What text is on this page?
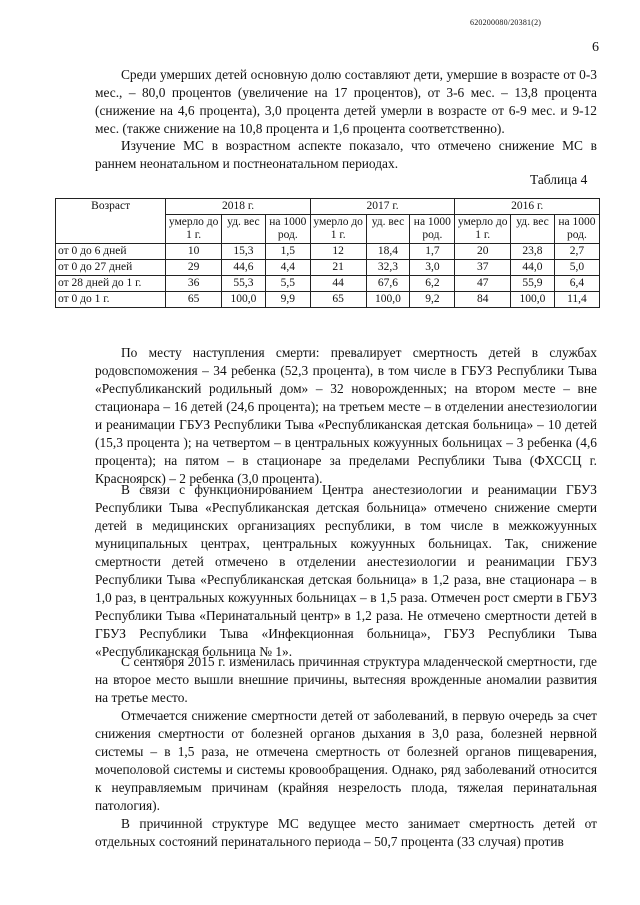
620200080/20381(2)
6

Среди умерших детей основную долю составляют дети, умершие в возрасте от 0-3 мес., – 80,0 процентов (увеличение на 17 процентов), от 3-6 мес. – 13,8 процента (снижение на 4,6 процента), 3,0 процента детей умерли в возрасте от 6-9 мес. и 9-12 мес. (также снижение на 10,8 процента и 1,6 процента соответственно).

Изучение МС в возрастном аспекте показало, что отмечено снижение МС в раннем неонатальном и постнеонатальном периодах.

Таблица 4
Возраст	2018 г.			2017 г.			2016 г.		
	умерло до 1 г.	уд. вес	на 1000 род.	умерло до 1 г.	уд. вес	на 1000 род.	умерло до 1 г.	уд. вес	на 1000 род.
от 0 до 6 дней	10	15,3	1,5	12	18,4	1,7	20	23,8	2,7
от 0 до 27 дней	29	44,6	4,4	21	32,3	3,0	37	44,0	5,0
от 28 дней до 1 г.	36	55,3	5,5	44	67,6	6,2	47	55,9	6,4
от 0 до 1 г.	65	100,0	9,9	65	100,0	9,2	84	100,0	11,4

По месту наступления смерти: превалирует смертность детей в службах родовспоможения – 34 ребенка (52,3 процента), в том числе в ГБУЗ Республики Тыва «Республиканский родильный дом» – 32 новорожденных; на втором месте – вне стационара – 16 детей (24,6 процента); на третьем месте – в отделении анестезиологии и реанимации ГБУЗ Республики Тыва «Республиканская детская больница» – 10 детей (15,3 процента ); на четвертом – в центральных кожуунных больницах – 3 ребенка (4,6 процента); на пятом – в стационаре за пределами Республики Тыва (ФХССЦ г. Красноярск) – 2 ребенка (3,0 процента).

В связи с функционированием Центра анестезиологии и реанимации ГБУЗ Республики Тыва «Республиканская детская больница» отмечено снижение смерти детей в медицинских организациях республики, в том числе в межкожуунных муниципальных центрах, центральных кожуунных больницах. Так, снижение смертности детей отмечено в отделении анестезиологии и реанимации ГБУЗ Республики Тыва «Республиканская детская больница» в 1,2 раза, вне стационара – в 1,0 раз, в центральных кожуунных больницах – в 1,5 раза. Отмечен рост смерти в ГБУЗ Республики Тыва «Перинатальный центр» в 1,2 раза. Не отмечено смертности детей в ГБУЗ Республики Тыва «Инфекционная больница», ГБУЗ Республики Тыва «Республиканская больница № 1».

С сентября 2015 г. изменилась причинная структура младенческой смертности, где на второе место вышли внешние причины, вытесняя врожденные аномалии развития на третье место.

Отмечается снижение смертности детей от заболеваний, в первую очередь за счет снижения смертности от болезней органов дыхания в 3,0 раза, болезней нервной системы – в 1,5 раза, не отмечена смертность от болезней органов пищеварения, мочеполовой системы и системы кровообращения. Однако, ряд заболеваний относится к неуправляемым причинам (крайняя незрелость плода, тяжелая перинатальная патология).

В причинной структуре МС ведущее место занимает смертность детей от отдельных состояний перинатального периода – 50,7 процента (33 случая) против
